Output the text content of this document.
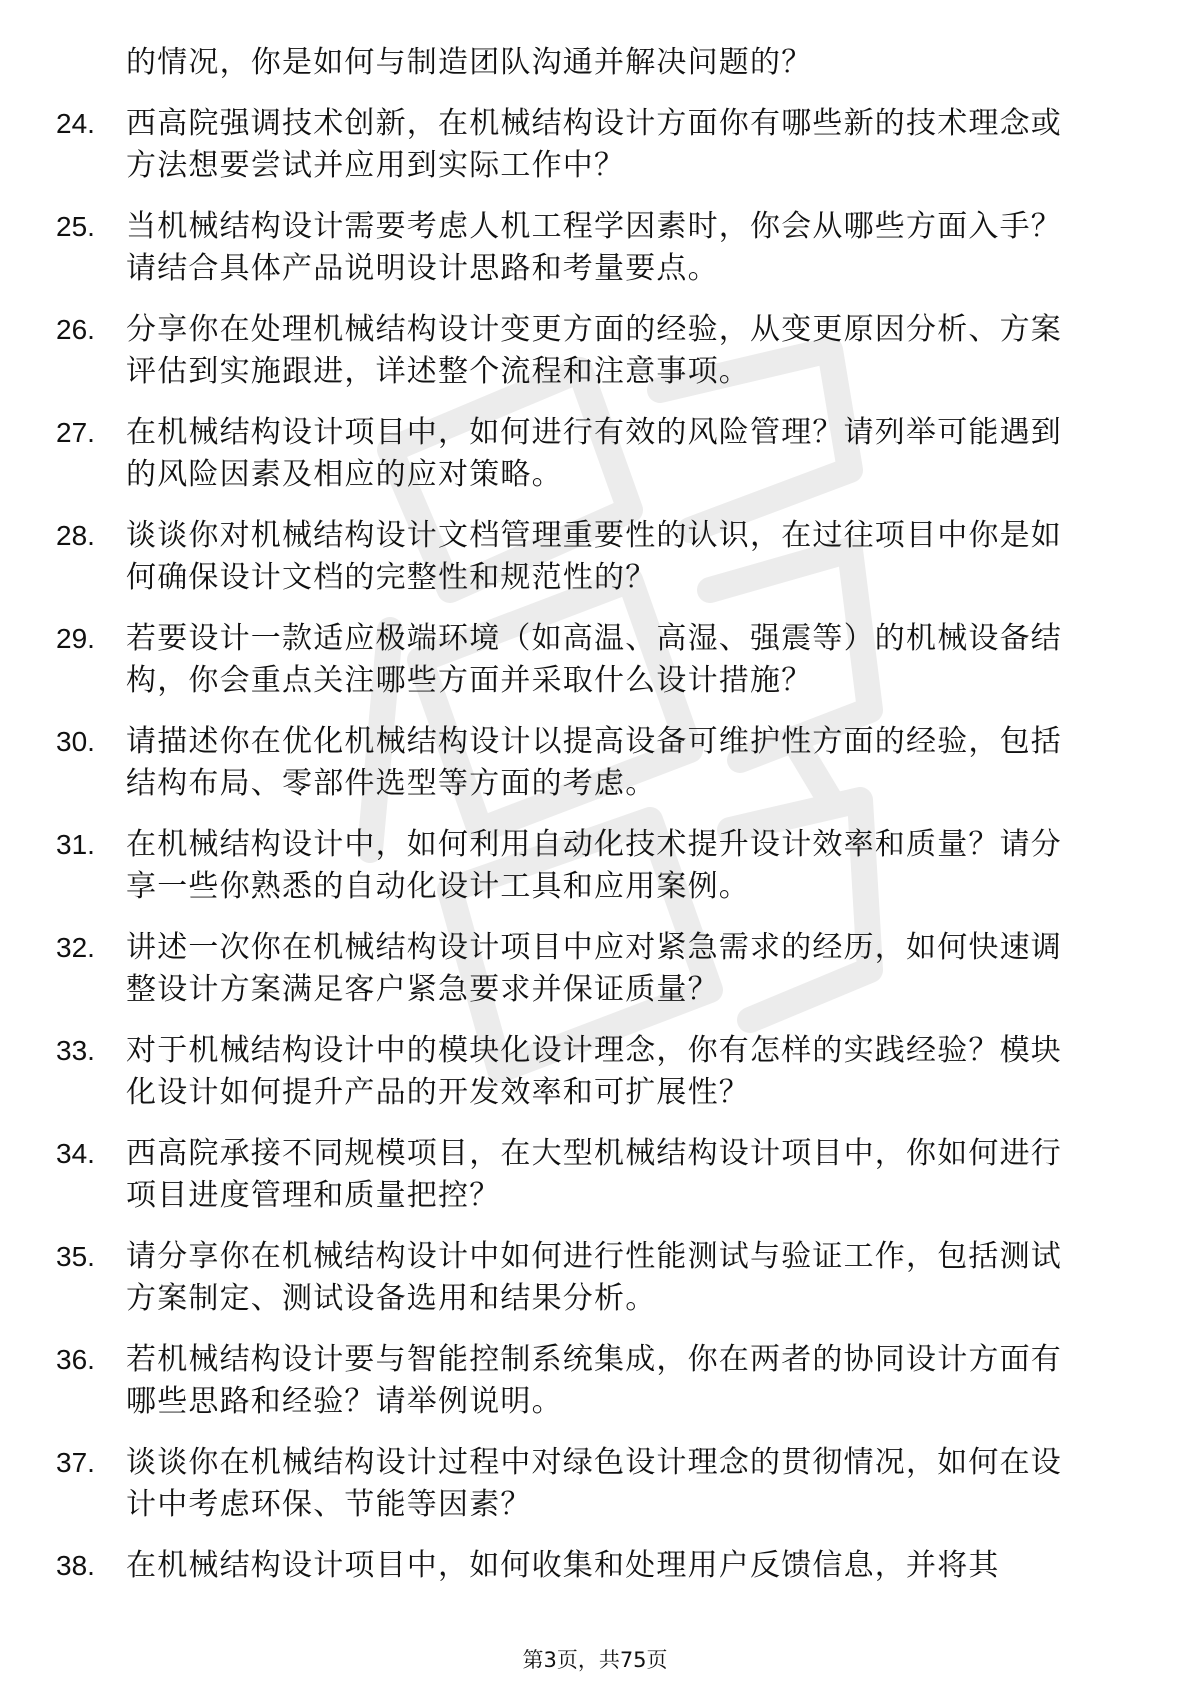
的情况，你是如何与制造团队沟通并解决问题的？
24.	西高院强调技术创新，在机械结构设计方面你有哪些新的技术理念或方法想要尝试并应用到实际工作中？
25.	当机械结构设计需要考虑人机工程学因素时，你会从哪些方面入手？请结合具体产品说明设计思路和考量要点。
26.	分享你在处理机械结构设计变更方面的经验，从变更原因分析、方案评估到实施跟进，详述整个流程和注意事项。
27.	在机械结构设计项目中，如何进行有效的风险管理？请列举可能遇到的风险因素及相应的应对策略。
28.	谈谈你对机械结构设计文档管理重要性的认识，在过往项目中你是如何确保设计文档的完整性和规范性的？
29.	若要设计一款适应极端环境（如高温、高湿、强震等）的机械设备结构，你会重点关注哪些方面并采取什么设计措施？
30.	请描述你在优化机械结构设计以提高设备可维护性方面的经验，包括结构布局、零部件选型等方面的考虑。
31.	在机械结构设计中，如何利用自动化技术提升设计效率和质量？请分享一些你熟悉的自动化设计工具和应用案例。
32.	讲述一次你在机械结构设计项目中应对紧急需求的经历，如何快速调整设计方案满足客户紧急要求并保证质量？
33.	对于机械结构设计中的模块化设计理念，你有怎样的实践经验？模块化设计如何提升产品的开发效率和可扩展性？
34.	西高院承接不同规模项目，在大型机械结构设计项目中，你如何进行项目进度管理和质量把控？
35.	请分享你在机械结构设计中如何进行性能测试与验证工作，包括测试方案制定、测试设备选用和结果分析。
36.	若机械结构设计要与智能控制系统集成，你在两者的协同设计方面有哪些思路和经验？请举例说明。
37.	谈谈你在机械结构设计过程中对绿色设计理念的贯彻情况，如何在设计中考虑环保、节能等因素？
38.	在机械结构设计项目中，如何收集和处理用户反馈信息，并将其
第3页，共75页
